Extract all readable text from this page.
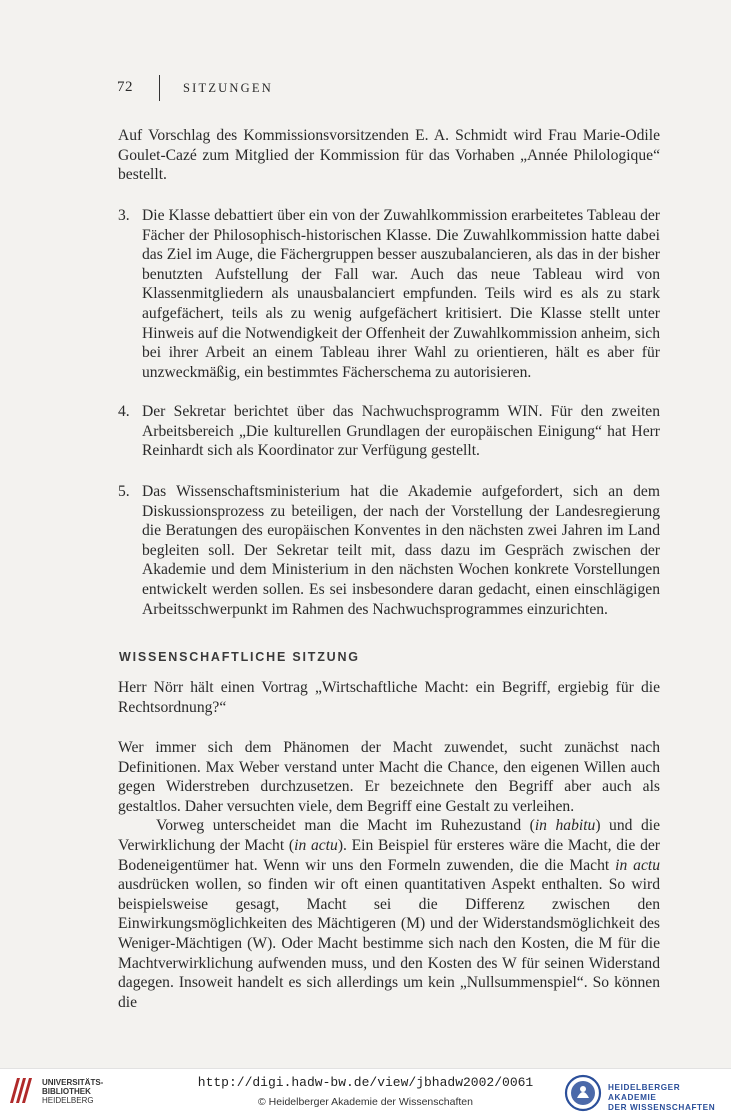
72	SITZUNGEN

Auf Vorschlag des Kommissionsvorsitzenden E. A. Schmidt wird Frau Marie-Odile Goulet-Cazé zum Mitglied der Kommission für das Vorhaben „Année Philologique“ bestellt.

3. Die Klasse debattiert über ein von der Zuwahlkommission erarbeitetes Tableau der Fächer der Philosophisch-historischen Klasse. Die Zuwahlkommission hatte dabei das Ziel im Auge, die Fächergruppen besser auszubalancieren, als das in der bisher benutzten Aufstellung der Fall war. Auch das neue Tableau wird von Klassenmitgliedern als unausbalanciert empfunden. Teils wird es als zu stark aufgefächert, teils als zu wenig aufgefächert kritisiert. Die Klasse stellt unter Hinweis auf die Notwendigkeit der Offenheit der Zuwahlkommission anheim, sich bei ihrer Arbeit an einem Tableau ihrer Wahl zu orientieren, hält es aber für unzweckmäßig, ein bestimmtes Fächerschema zu autorisieren.

4. Der Sekretar berichtet über das Nachwuchsprogramm WIN. Für den zweiten Arbeitsbereich „Die kulturellen Grundlagen der europäischen Einigung“ hat Herr Reinhardt sich als Koordinator zur Verfügung gestellt.

5. Das Wissenschaftsministerium hat die Akademie aufgefordert, sich an dem Diskussionsprozess zu beteiligen, der nach der Vorstellung der Landesregierung die Beratungen des europäischen Konventes in den nächsten zwei Jahren im Land begleiten soll. Der Sekretar teilt mit, dass dazu im Gespräch zwischen der Akademie und dem Ministerium in den nächsten Wochen konkrete Vorstellungen entwickelt werden sollen. Es sei insbesondere daran gedacht, einen einschlägigen Arbeitsschwerpunkt im Rahmen des Nachwuchsprogrammes einzurichten.

WISSENSCHAFTLICHE SITZUNG

Herr Nörr hält einen Vortrag „Wirtschaftliche Macht: ein Begriff, ergiebig für die Rechtsordnung?“

Wer immer sich dem Phänomen der Macht zuwendet, sucht zunächst nach Definitionen. Max Weber verstand unter Macht die Chance, den eigenen Willen auch gegen Widerstreben durchzusetzen. Er bezeichnete den Begriff aber auch als gestaltlos. Daher versuchten viele, dem Begriff eine Gestalt zu verleihen.

Vorweg unterscheidet man die Macht im Ruhezustand (in habitu) und die Verwirklichung der Macht (in actu). Ein Beispiel für ersteres wäre die Macht, die der Bodeneigentümer hat. Wenn wir uns den Formeln zuwenden, die die Macht in actu ausdrücken wollen, so finden wir oft einen quantitativen Aspekt enthalten. So wird beispielsweise gesagt, Macht sei die Differenz zwischen den Einwirkungsmöglichkeiten des Mächtigeren (M) und der Widerstandsmöglichkeit des Weniger-Mächtigen (W). Oder Macht bestimme sich nach den Kosten, die M für die Machtverwirklichung aufwenden muss, und den Kosten des W für seinen Widerstand dagegen. Insoweit handelt es sich allerdings um kein „Nullsummenspiel“. So können die

UNIVERSITÄTS-
BIBLIOTHEK
HEIDELBERG
http://digi.hadw-bw.de/view/jbhadw2002/0061
© Heidelberger Akademie der Wissenschaften
HEIDELBERGER AKADEMIE
DER WISSENSCHAFTEN
